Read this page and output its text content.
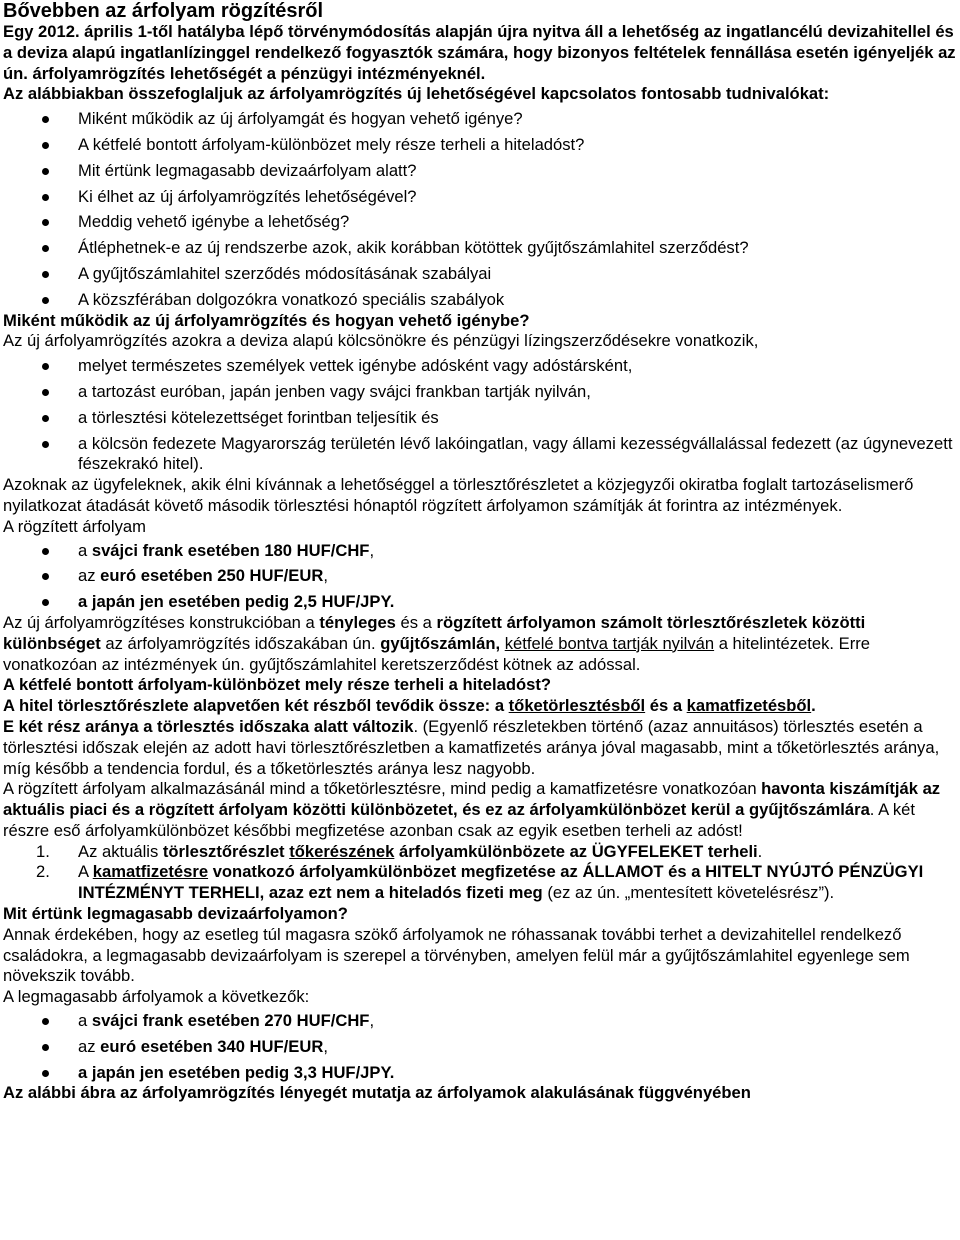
Bővebben az árfolyam rögzítésről

Egy 2012. április 1-től hatályba lépő törvénymódosítás alapján újra nyitva áll a lehetőség az ingatlancélú devizahitellel és a deviza alapú ingatlanlízinggel rendelkező fogyasztók számára, hogy bizonyos feltételek fennállása esetén igényeljék az ún. árfolyamrögzítés lehetőségét a pénzügyi intézményeknél.

Az alábbiakban összefoglaljuk az árfolyamrögzítés új lehetőségével kapcsolatos fontosabb tudnivalókat:

Miként működik az új árfolyamgát és hogyan vehető igénye?
A kétfelé bontott árfolyam-különbözet mely része terheli a hiteladóst?
Mit értünk legmagasabb devizaárfolyam alatt?
Ki élhet az új árfolyamrögzítés lehetőségével?
Meddig vehető igénybe a lehetőség?
Átléphetnek-e az új rendszerbe azok, akik korábban kötöttek gyűjtőszámlahitel szerződést?
A gyűjtőszámlahitel szerződés módosításának szabályai
A közszférában dolgozókra vonatkozó speciális szabályok

Miként működik az új árfolyamrögzítés és hogyan vehető igénybe?

Az új árfolyamrögzítés azokra a deviza alapú kölcsönökre és pénzügyi lízingszerződésekre vonatkozik,

melyet természetes személyek vettek igénybe adósként vagy adóstársként,
a tartozást euróban, japán jenben vagy svájci frankban tartják nyilván,
a törlesztési kötelezettséget forintban teljesítik és
a kölcsön fedezete Magyarország területén lévő lakóingatlan, vagy állami kezességvállalással fedezett (az úgynevezett fészekrakó hitel).

Azoknak az ügyfeleknek, akik élni kívánnak a lehetőséggel a törlesztőrészletet a közjegyzői okiratba foglalt tartozáselismerő nyilatkozat átadását követő második törlesztési hónaptól rögzített árfolyamon számítják át forintra az intézmények.

A rögzített árfolyam

a svájci frank esetében 180 HUF/CHF,
az euró esetében 250 HUF/EUR,
a japán jen esetében pedig 2,5 HUF/JPY.

Az új árfolyamrögzítéses konstrukcióban a tényleges és a rögzített árfolyamon számolt törlesztőrészletek közötti különbséget az árfolyamrögzítés időszakában ún. gyűjtőszámlán, kétfelé bontva tartják nyilván a hitelintézetek. Erre vonatkozóan az intézmények ún. gyűjtőszámlahitel keretszerződést kötnek az adóssal.

A kétfelé bontott árfolyam-különbözet mely része terheli a hiteladóst?

A hitel törlesztőrészlete alapvetően két részből tevődik össze: a tőketörlesztésből és a kamatfizetésből.

E két rész aránya a törlesztés időszaka alatt változik. (Egyenlő részletekben történő (azaz annuitásos) törlesztés esetén a törlesztési időszak elején az adott havi törlesztőrészletben a kamatfizetés aránya jóval magasabb, mint a tőketörlesztés aránya, míg később a tendencia fordul, és a tőketörlesztés aránya lesz nagyobb.

A rögzített árfolyam alkalmazásánál mind a tőketörlesztésre, mind pedig a kamatfizetésre vonatkozóan havonta kiszámítják az aktuális piaci és a rögzített árfolyam közötti különbözetet, és ez az árfolyamkülönbözet kerül a gyűjtőszámlára. A két részre eső árfolyamkülönbözet későbbi megfizetése azonban csak az egyik esetben terheli az adóst!

1. Az aktuális törlesztőrészlet tőkerészének árfolyamkülönbözete az ÜGYFELEKET terheli.
2. A kamatfizetésre vonatkozó árfolyamkülönbözet megfizetése az ÁLLAMOT és a HITELT NYÚJTÓ PÉNZÜGYI INTÉZMÉNYT TERHELI, azaz ezt nem a hiteladós fizeti meg (ez az ún. „mentesített követelésrész”).

Mit értünk legmagasabb devizaárfolyamon?

Annak érdekében, hogy az esetleg túl magasra szökő árfolyamok ne róhassanak további terhet a devizahitellel rendelkező családokra, a legmagasabb devizaárfolyam is szerepel a törvényben, amelyen felül már a gyűjtőszámlahitel egyenlege sem növekszik tovább.

A legmagasabb árfolyamok a következők:

a svájci frank esetében 270 HUF/CHF,
az euró esetében 340 HUF/EUR,
a japán jen esetében pedig 3,3 HUF/JPY.

Az alábbi ábra az árfolyamrögzítés lényegét mutatja az árfolyamok alakulásának függvényében
